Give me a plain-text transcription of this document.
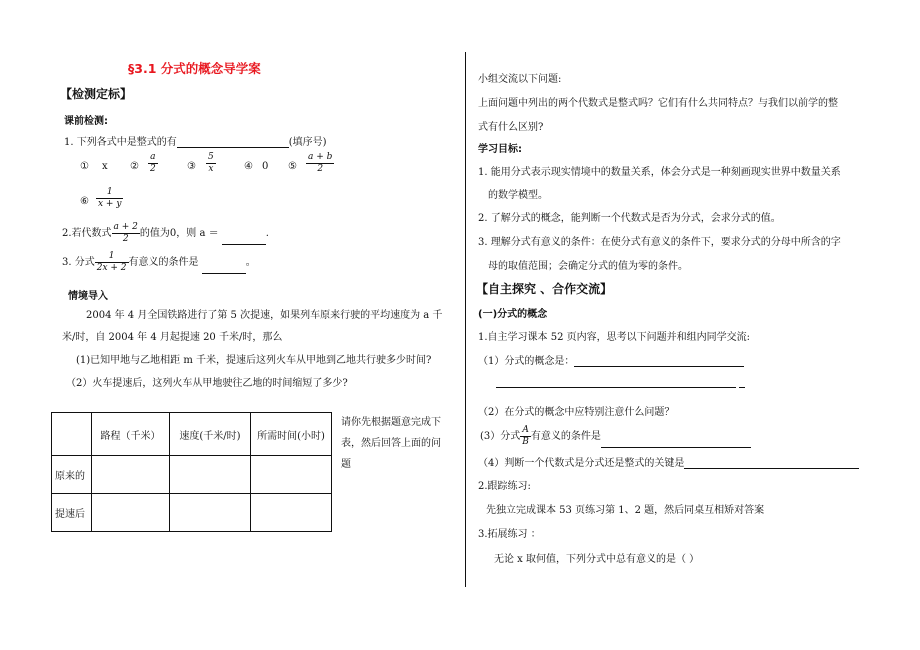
§3.1 分式的概念导学案
【检测定标】
课前检测:
1. 下列各式中是整式的有	(填序号)
① x ② $\frac{a}{2}$	③ $\frac{5}{x}$	④ 0 ⑤ $\frac{a + b}{2}$
⑥ $\frac{1}{x + y}$
2.若代数式 $\frac{a + 2}{2}$ 的值为0，则 a ＝	.
3. 分式 $\frac{1}{2x + 2}$ 有意义的条件是	。
情境导入
2004 年 4 月全国铁路进行了第 5 次提速，如果列车原来行驶的平均速度为 a 千
米/时，自 2004 年 4 月起提速 20 千米/时，那么
(1)已知甲地与乙地相距 m 千米，提速后这列火车从甲地到乙地共行驶多少时间?
（2）火车提速后，这列火车从甲地驶往乙地的时间缩短了多少?
	路程（千米）	速度(千米/时)	所需时间(小时)
原来的			
提速后			
请你先根据题意完成下
表，然后回答上面的问
题
小组交流以下问题:
上面问题中列出的两个代数式是整式吗？它们有什么共同特点？与我们以前学的整
式有什么区别?
学习目标:
1. 能用分式表示现实情境中的数量关系，体会分式是一种刻画现实世界中数量关系
的数学模型。
2. 了解分式的概念，能判断一个代数式是否为分式，会求分式的值。
3. 理解分式有意义的条件：在使分式有意义的条件下，要求分式的分母中所含的字
母的取值范围；会确定分式的值为零的条件。
【自主探究 、合作交流】
(一)分式的概念
1.自主学习课本 52 页内容，思考以下问题并和组内同学交流:
（1）分式的概念是：
（2）在分式的概念中应特别注意什么问题？
(3）分式 $\frac{A}{B}$ 有意义的条件是
（4）判断一个代数式是分式还是整式的关键是
2.跟踪练习:
先独立完成课本 53 页练习第 1、2 题，然后同桌互相矫对答案
3.拓展练习 ：
无论 x 取何值，下列分式中总有意义的是（ ）
